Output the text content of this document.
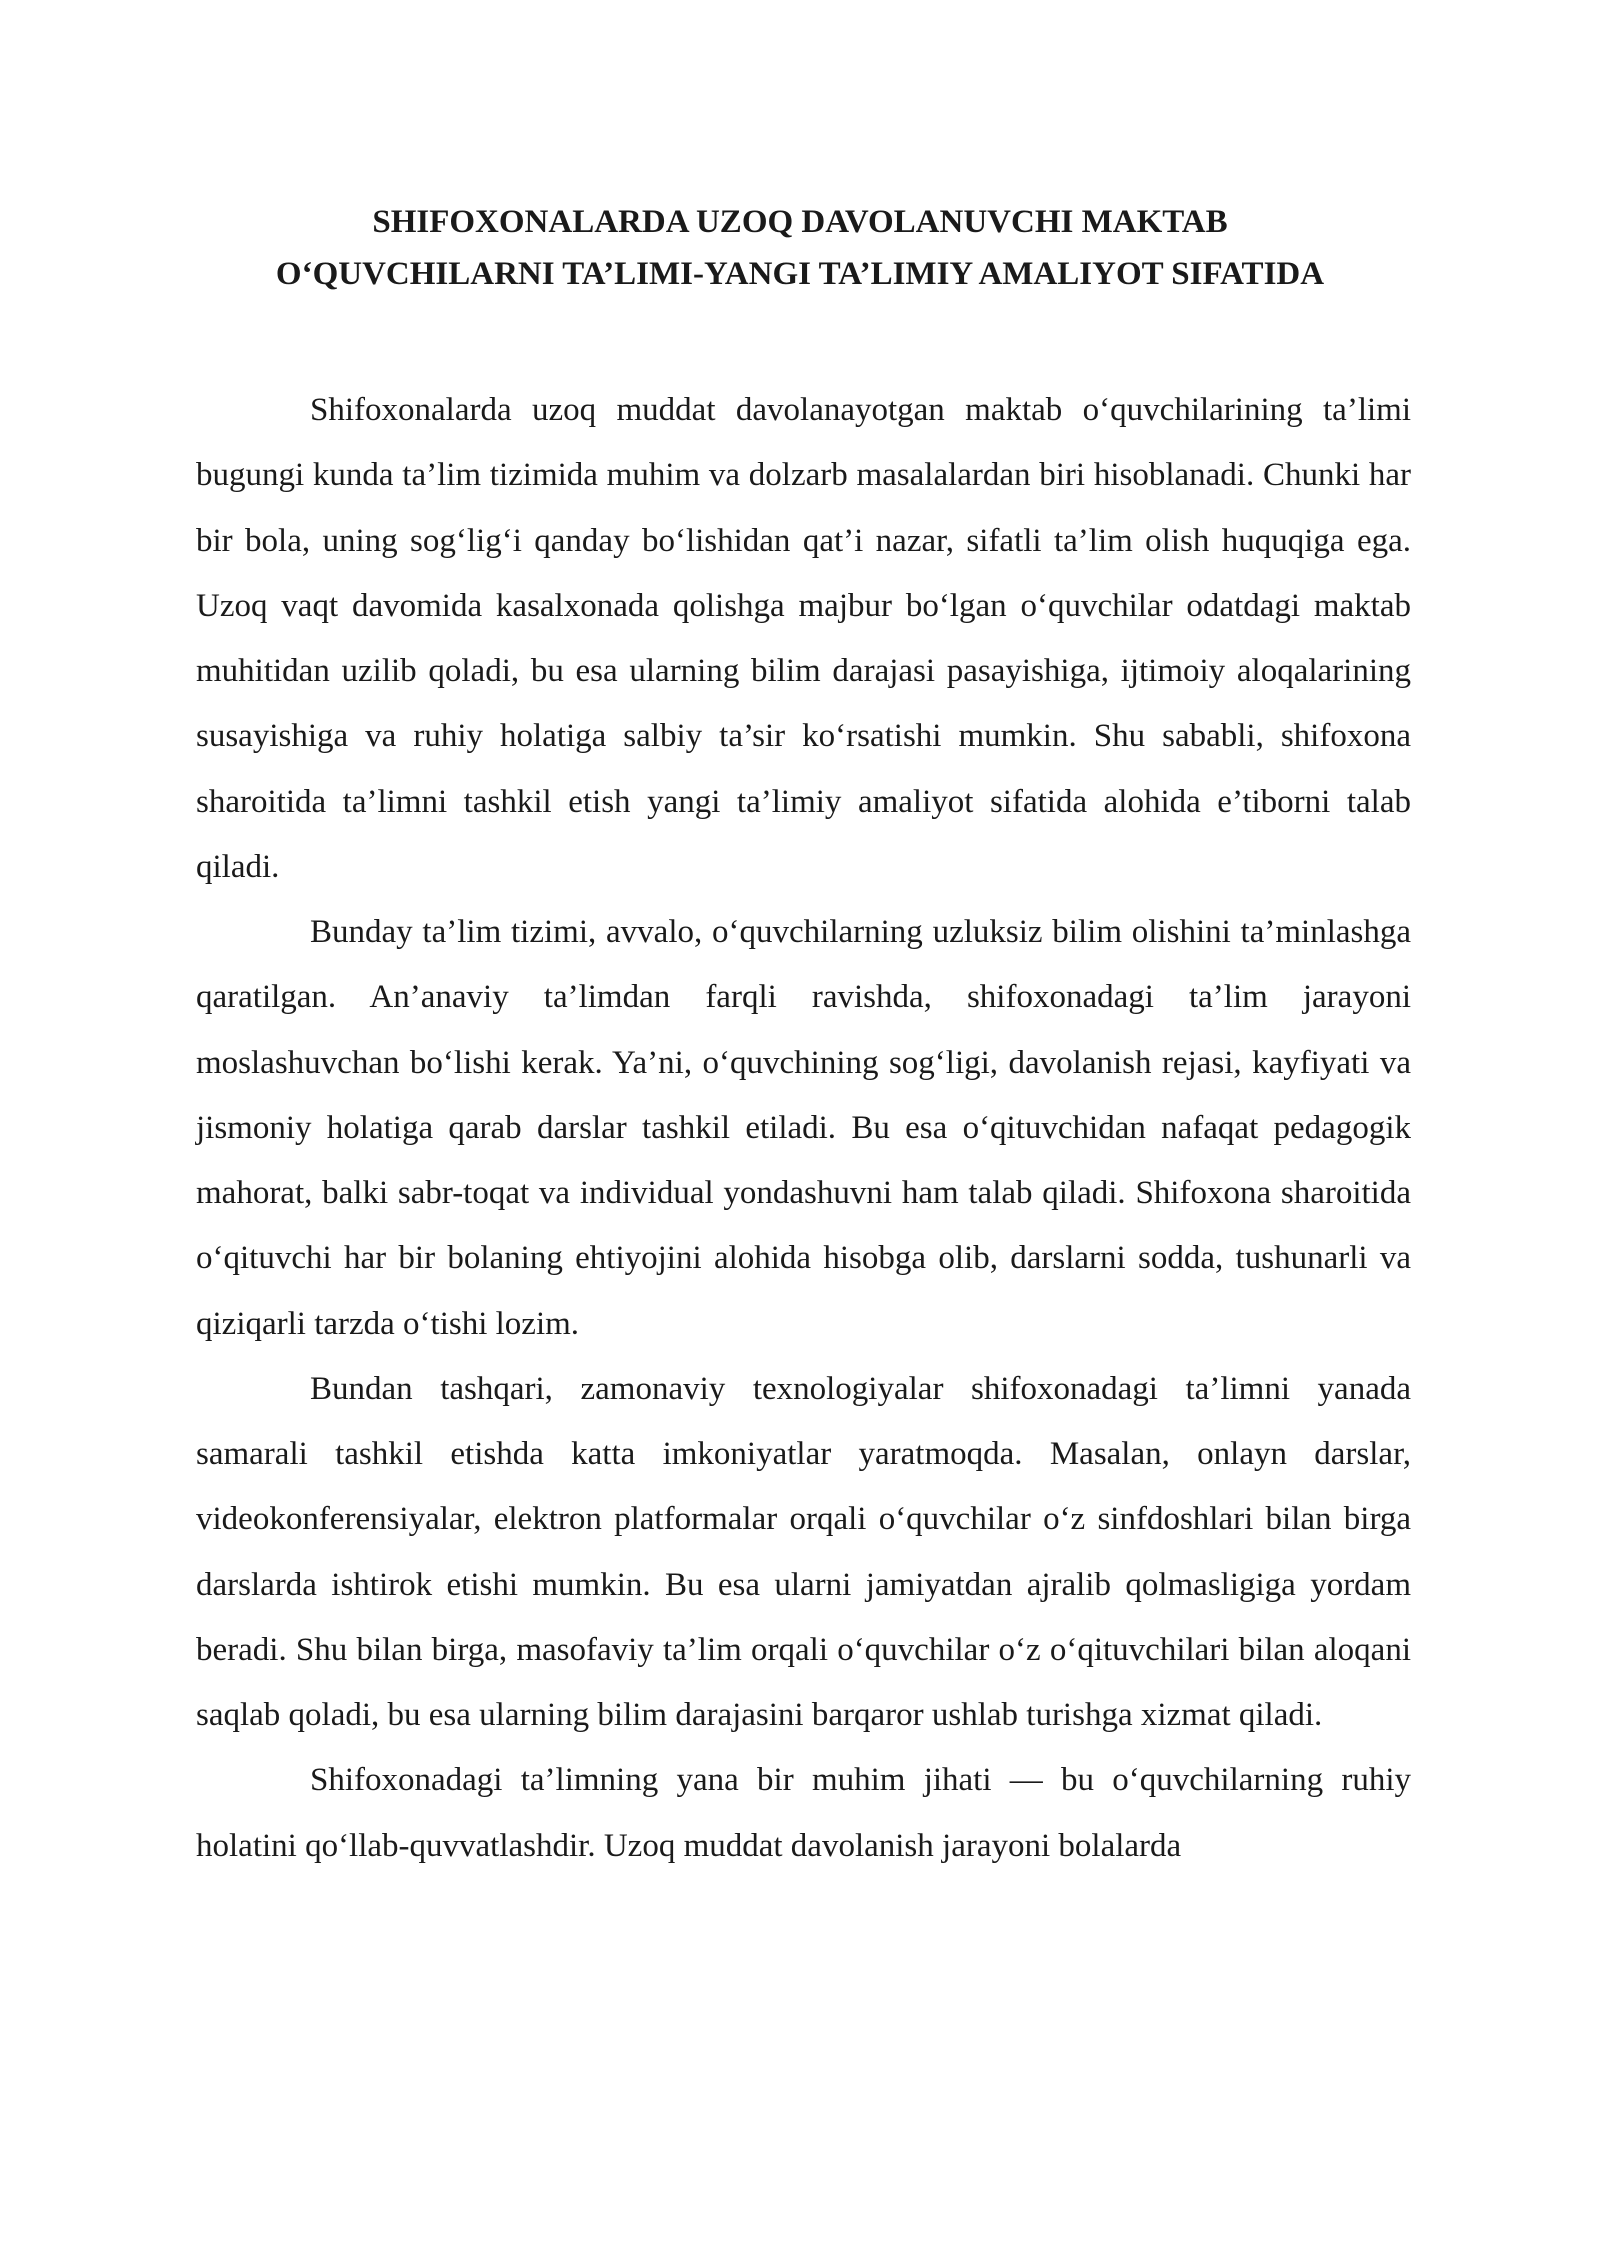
SHIFOXONALARDA UZOQ DAVOLANUVCHI MAKTAB
O‘QUVCHILARNI TA’LIMI-YANGI TA’LIMIY AMALIYOT SIFATIDA

Shifoxonalarda uzoq muddat davolanayotgan maktab o‘quvchilarining ta’limi bugungi kunda ta’lim tizimida muhim va dolzarb masalalardan biri hisoblanadi. Chunki har bir bola, uning sog‘lig‘i qanday bo‘lishidan qat’i nazar, sifatli ta’lim olish huquqiga ega. Uzoq vaqt davomida kasalxonada qolishga majbur bo‘lgan o‘quvchilar odatdagi maktab muhitidan uzilib qoladi, bu esa ularning bilim darajasi pasayishiga, ijtimoiy aloqalarining susayishiga va ruhiy holatiga salbiy ta’sir ko‘rsatishi mumkin. Shu sababli, shifoxona sharoitida ta’limni tashkil etish yangi ta’limiy amaliyot sifatida alohida e’tiborni talab qiladi.

Bunday ta’lim tizimi, avvalo, o‘quvchilarning uzluksiz bilim olishini ta’minlashga qaratilgan. An’anaviy ta’limdan farqli ravishda, shifoxonadagi ta’lim jarayoni moslashuvchan bo‘lishi kerak. Ya’ni, o‘quvchining sog‘ligi, davolanish rejasi, kayfiyati va jismoniy holatiga qarab darslar tashkil etiladi. Bu esa o‘qituvchidan nafaqat pedagogik mahorat, balki sabr-toqat va individual yondashuvni ham talab qiladi. Shifoxona sharoitida o‘qituvchi har bir bolaning ehtiyojini alohida hisobga olib, darslarni sodda, tushunarli va qiziqarli tarzda o‘tishi lozim.

Bundan tashqari, zamonaviy texnologiyalar shifoxonadagi ta’limni yanada samarali tashkil etishda katta imkoniyatlar yaratmoqda. Masalan, onlayn darslar, videokonferensiyalar, elektron platformalar orqali o‘quvchilar o‘z sinfdoshlari bilan birga darslarda ishtirok etishi mumkin. Bu esa ularni jamiyatdan ajralib qolmasligiga yordam beradi. Shu bilan birga, masofaviy ta’lim orqali o‘quvchilar o‘z o‘qituvchilari bilan aloqani saqlab qoladi, bu esa ularning bilim darajasini barqaror ushlab turishga xizmat qiladi.

Shifoxonadagi ta’limning yana bir muhim jihati — bu o‘quvchilarning ruhiy holatini qo‘llab-quvvatlashdir. Uzoq muddat davolanish jarayoni bolalarda
